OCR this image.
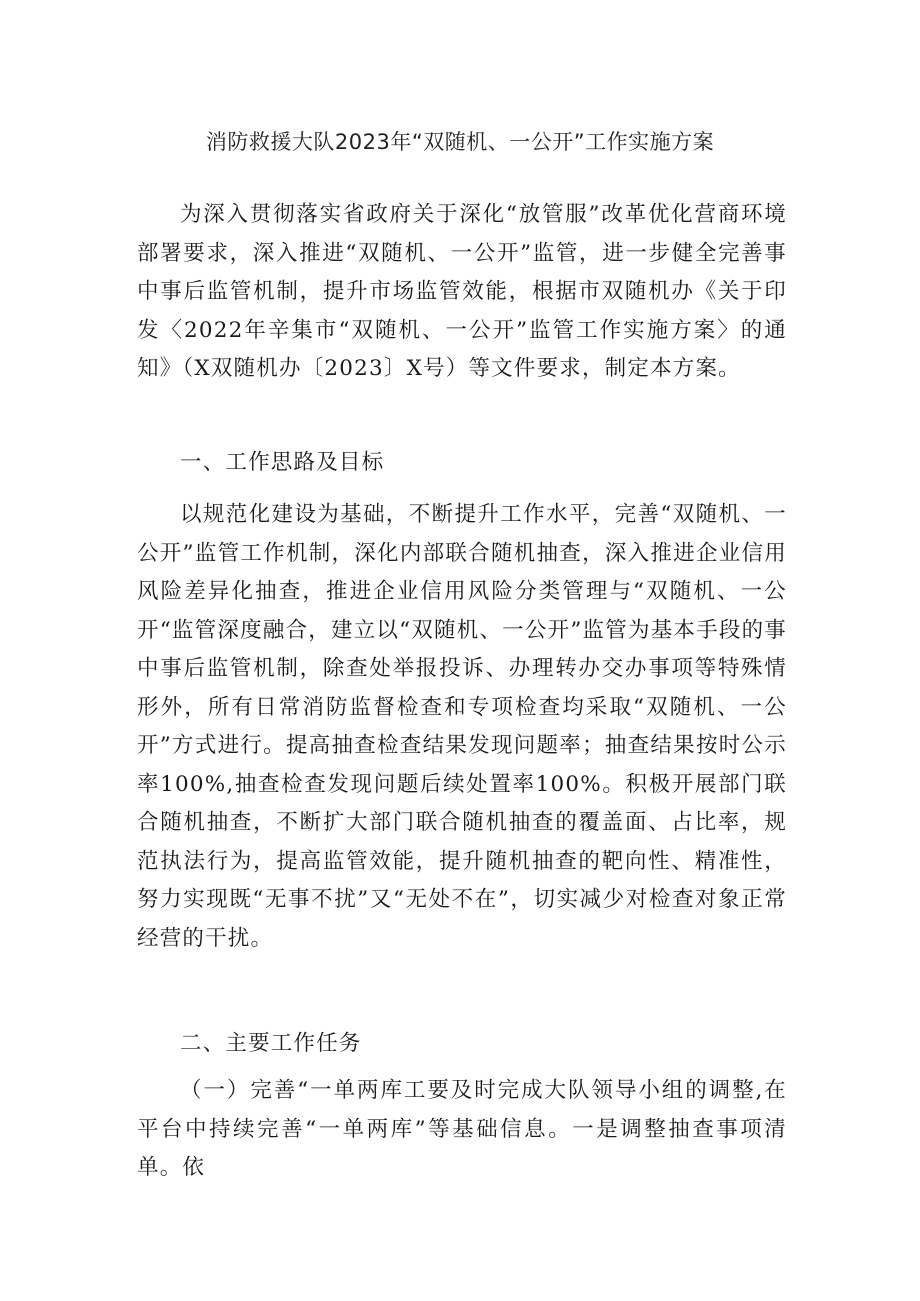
消防救援大队2023年“双随机、一公开”工作实施方案

为深入贯彻落实省政府关于深化“放管服”改革优化营商环境部署要求，深入推进“双随机、一公开”监管，进一步健全完善事中事后监管机制，提升市场监管效能，根据市双随机办《关于印发〈2022年辛集市“双随机、一公开”监管工作实施方案〉的通知》（X双随机办〔2023〕X号）等文件要求，制定本方案。

一、工作思路及目标

以规范化建设为基础，不断提升工作水平，完善“双随机、一公开”监管工作机制，深化内部联合随机抽查，深入推进企业信用风险差异化抽查，推进企业信用风险分类管理与“双随机、一公开“监管深度融合，建立以“双随机、一公开”监管为基本手段的事中事后监管机制，除查处举报投诉、办理转办交办事项等特殊情形外，所有日常消防监督检查和专项检查均采取“双随机、一公开”方式进行。提高抽查检查结果发现问题率；抽查结果按时公示率100%,抽查检查发现问题后续处置率100%。积极开展部门联合随机抽查，不断扩大部门联合随机抽查的覆盖面、占比率，规范执法行为，提高监管效能，提升随机抽查的靶向性、精准性，努力实现既“无事不扰”又“无处不在”，切实减少对检查对象正常经营的干扰。

二、主要工作任务

（一）完善“一单两库工要及时完成大队领导小组的调整,在平台中持续完善“一单两库”等基础信息。一是调整抽查事项清单。依
